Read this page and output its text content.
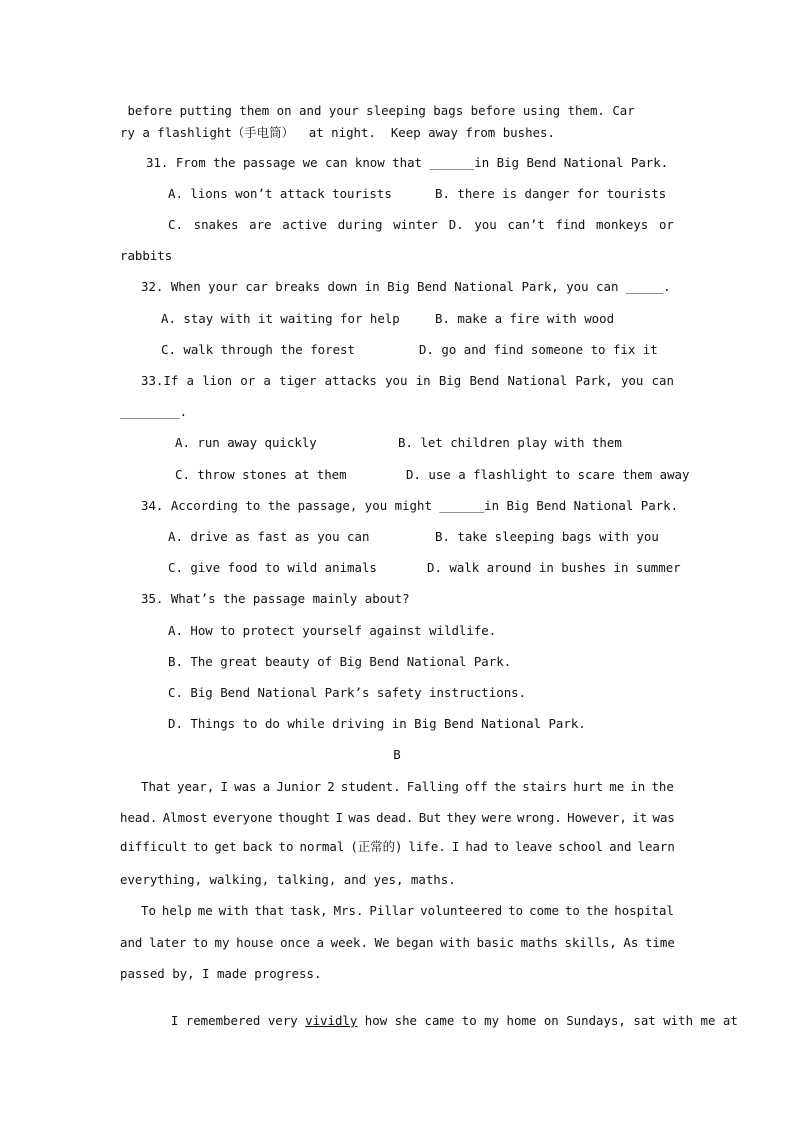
before putting them on and your sleeping bags before using them. Car
ry a flashlight（手电筒）  at night.  Keep away from bushes.
31. From the passage we can know that ______in Big Bend National Park.
A. lions won’t attack tourists	B. there is danger for tourists
C. snakes are active during winter D. you can’t find monkeys or
rabbits
32. When your car breaks down in Big Bend National Park, you can _____.
A. stay with it waiting for help	B. make a fire with wood
C. walk through the forest	D. go and find someone to fix it
33.If a lion or a tiger attacks you in Big Bend National Park, you can
________.
A. run away quickly	B. let children play with them
C. throw stones at them	D. use a flashlight to scare them away
34. According to the passage, you might ______in Big Bend National Park.
A. drive as fast as you can	B. take sleeping bags with you
C. give food to wild animals	D. walk around in bushes in summer
35. What’s the passage mainly about?
A. How to protect yourself against wildlife.
B. The great beauty of Big Bend National Park.
C. Big Bend National Park’s safety instructions.
D. Things to do while driving in Big Bend National Park.
B
That year, I was a Junior 2 student. Falling off the stairs hurt me in the
head. Almost everyone thought I was dead. But they were wrong. However, it was
difficult to get back to normal (正常的) life. I had to leave school and learn
everything, walking, talking, and yes, maths.
To help me with that task, Mrs. Pillar volunteered to come to the hospital
and later to my house once a week. We began with basic maths skills, As time
passed by, I made progress.

I remembered very vividly how she came to my home on Sundays, sat with me at
